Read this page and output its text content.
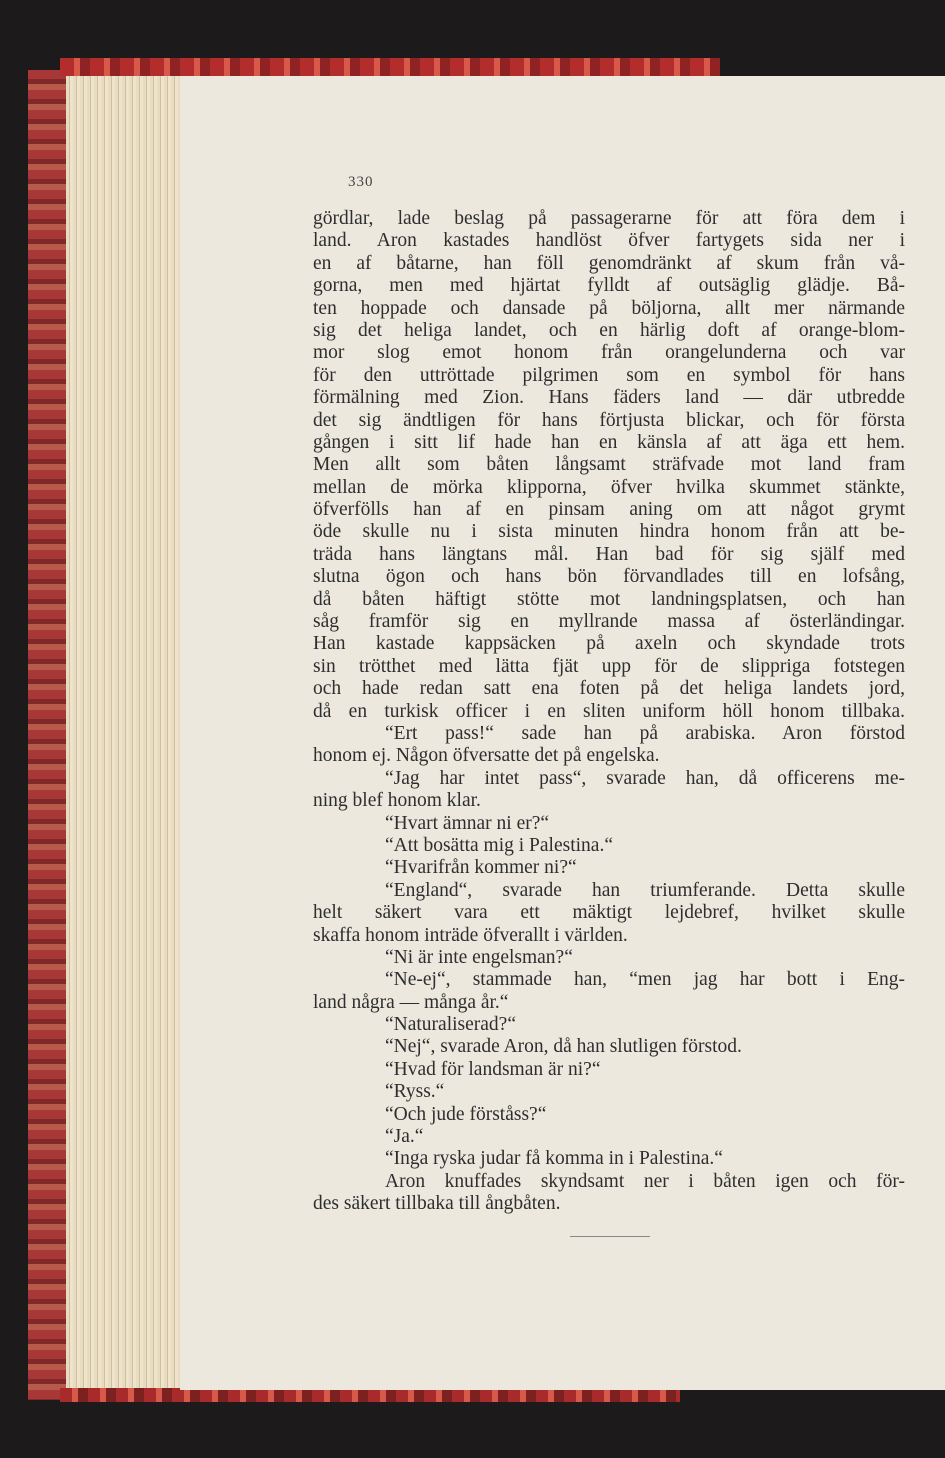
330
gördlar, lade beslag på passagerarne för att föra dem i
land. Aron kastades handlöst öfver fartygets sida ner i
en af båtarne, han föll genomdränkt af skum från vå-
gorna, men med hjärtat fylldt af outsäglig glädje. Bå-
ten hoppade och dansade på böljorna, allt mer närmande
sig det heliga landet, och en härlig doft af orange-blom-
mor slog emot honom från orangelunderna och var
för den uttröttade pilgrimen som en symbol för hans
förmälning med Zion. Hans fäders land — där utbredde
det sig ändtligen för hans förtjusta blickar, och för första
gången i sitt lif hade han en känsla af att äga ett hem.
Men allt som båten långsamt sträfvade mot land fram
mellan de mörka klipporna, öfver hvilka skummet stänkte,
öfverfölls han af en pinsam aning om att något grymt
öde skulle nu i sista minuten hindra honom från att be-
träda hans längtans mål. Han bad för sig själf med
slutna ögon och hans bön förvandlades till en lofsång,
då båten häftigt stötte mot landningsplatsen, och han
såg framför sig en myllrande massa af österländingar.
Han kastade kappsäcken på axeln och skyndade trots
sin trötthet med lätta fjät upp för de slippriga fotstegen
och hade redan satt ena foten på det heliga landets jord,
då en turkisk officer i en sliten uniform höll honom tillbaka.
“Ert pass!“ sade han på arabiska. Aron förstod
honom ej. Någon öfversatte det på engelska.
“Jag har intet pass“, svarade han, då officerens me-
ning blef honom klar.
“Hvart ämnar ni er?“
“Att bosätta mig i Palestina.“
“Hvarifrån kommer ni?“
“England“, svarade han triumferande. Detta skulle
helt säkert vara ett mäktigt lejdebref, hvilket skulle
skaffa honom inträde öfverallt i världen.
“Ni är inte engelsman?“
“Ne-ej“, stammade han, “men jag har bott i Eng-
land några — många år.“
“Naturaliserad?“
“Nej“, svarade Aron, då han slutligen förstod.
“Hvad för landsman är ni?“
“Ryss.“
“Och jude förståss?“
“Ja.“
“Inga ryska judar få komma in i Palestina.“
Aron knuffades skyndsamt ner i båten igen och för-
des säkert tillbaka till ångbåten.
